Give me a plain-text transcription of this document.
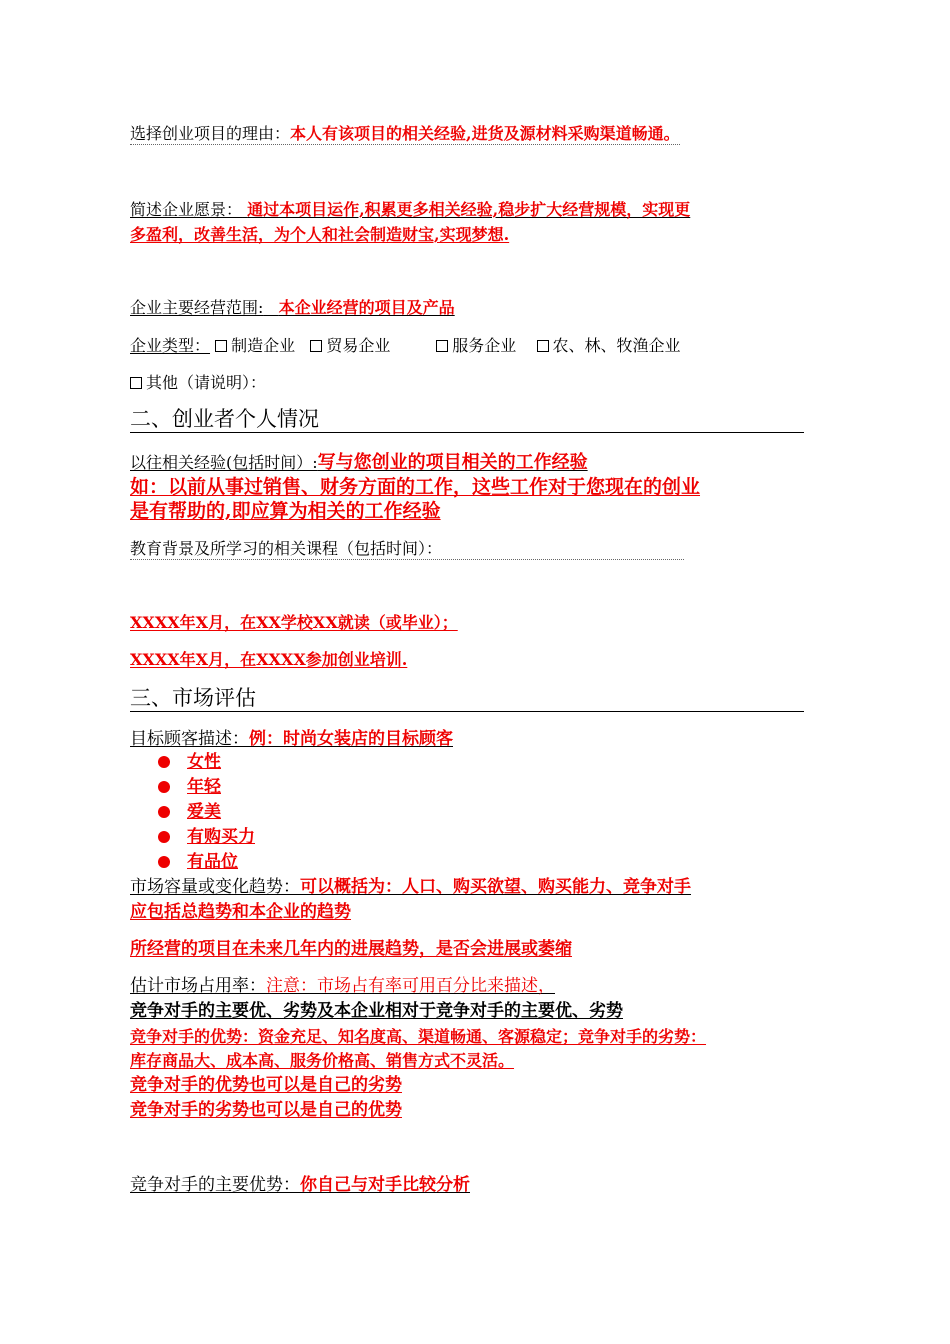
选择创业项目的理由：本人有该项目的相关经验,进货及源材料采购渠道畅通。
简述企业愿景： 通过本项目运作,积累更多相关经验,稳步扩大经营规模，实现更
多盈利，改善生活，为个人和社会制造财宝,实现梦想.
企业主要经营范围: 本企业经营的项目及产品
企业类型： 制造企业 贸易企业	服务企业 农、林、牧渔企业
其他（请说明）：
二、创业者个人情况
以往相关经验(包括时间）:写与您创业的项目相关的工作经验
如：以前从事过销售、财务方面的工作，这些工作对于您现在的创业
是有帮助的,即应算为相关的工作经验
教育背景及所学习的相关课程（包括时间）：
XXXX年X月，在XX学校XX就读（或毕业）；
XXXX年X月，在XXXX参加创业培训.
三、市场评估
目标顾客描述：例：时尚女装店的目标顾客
女性
年轻
爱美
有购买力
有品位
市场容量或变化趋势：可以概括为：人口、购买欲望、购买能力、竞争对手
应包括总趋势和本企业的趋势
所经营的项目在未来几年内的进展趋势，是否会进展或萎缩
估计市场占用率：注意：市场占有率可用百分比来描述，
竞争对手的主要优、劣势及本企业相对于竞争对手的主要优、劣势
竞争对手的优势：资金充足、知名度高、渠道畅通、客源稳定；竞争对手的劣势：
库存商品大、成本高、服务价格高、销售方式不灵活。
竞争对手的优势也可以是自己的劣势
竞争对手的劣势也可以是自己的优势
竞争对手的主要优势：你自己与对手比较分析
